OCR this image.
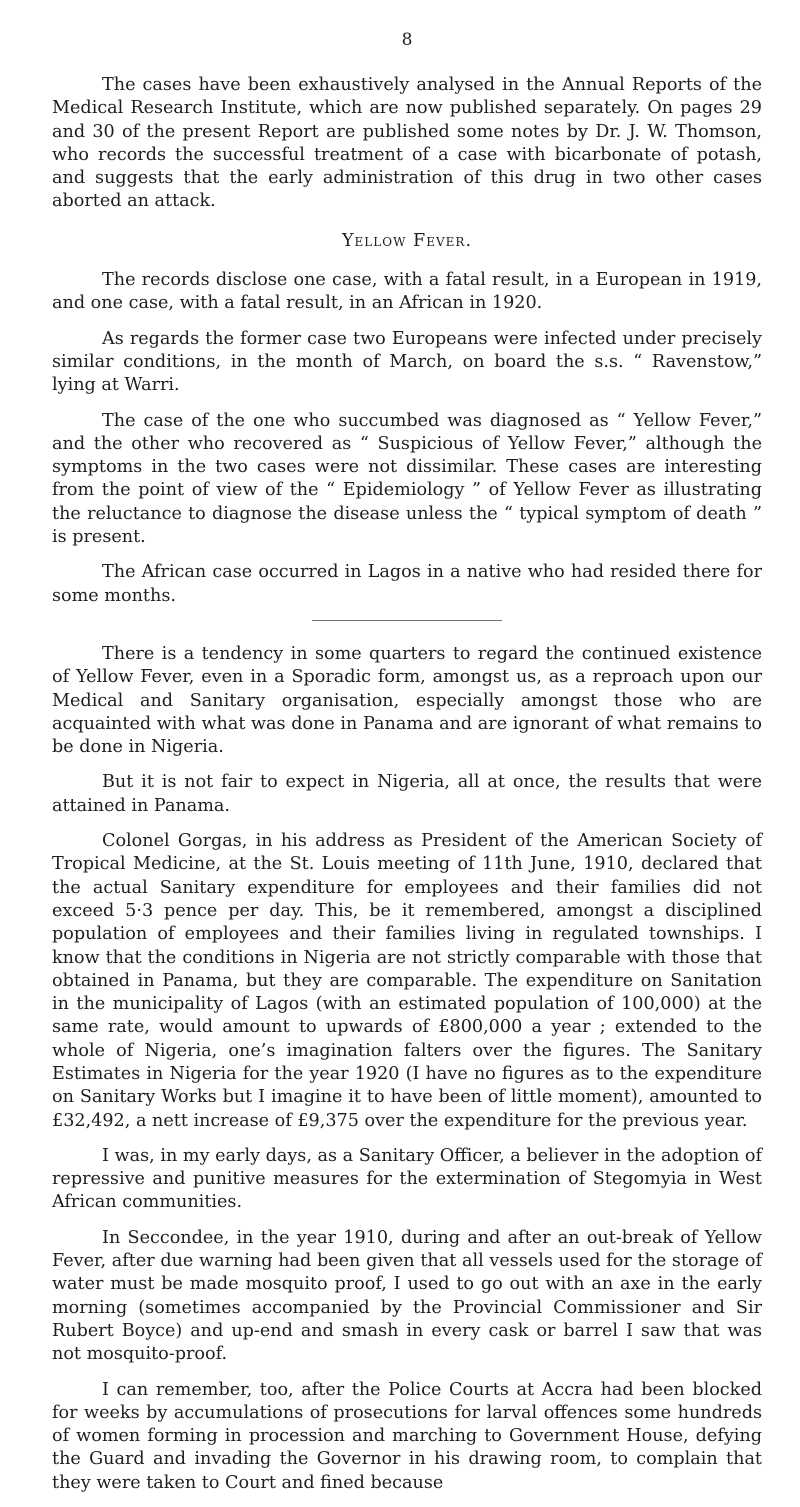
8

The cases have been exhaustively analysed in the Annual Reports of the Medical Research Institute, which are now published separately. On pages 29 and 30 of the present Report are published some notes by Dr. J. W. Thomson, who records the successful treatment of a case with bicarbonate of potash, and suggests that the early administration of this drug in two other cases aborted an attack.

Yellow Fever.

The records disclose one case, with a fatal result, in a European in 1919, and one case, with a fatal result, in an African in 1920.

As regards the former case two Europeans were infected under precisely similar conditions, in the month of March, on board the s.s. “ Ravenstow,” lying at Warri.

The case of the one who succumbed was diagnosed as “ Yellow Fever,” and the other who recovered as “ Suspicious of Yellow Fever,” although the symptoms in the two cases were not dissimilar. These cases are interesting from the point of view of the “ Epidemiology ” of Yellow Fever as illustrating the reluctance to diagnose the disease unless the “ typical symptom of death ” is present.

The African case occurred in Lagos in a native who had resided there for some months.

There is a tendency in some quarters to regard the continued existence of Yellow Fever, even in a Sporadic form, amongst us, as a reproach upon our Medical and Sanitary organisation, especially amongst those who are acquainted with what was done in Panama and are ignorant of what remains to be done in Nigeria.

But it is not fair to expect in Nigeria, all at once, the results that were attained in Panama.

Colonel Gorgas, in his address as President of the American Society of Tropical Medicine, at the St. Louis meeting of 11th June, 1910, declared that the actual Sanitary expenditure for employees and their families did not exceed 5·3 pence per day. This, be it remembered, amongst a disciplined population of employees and their families living in regulated townships. I know that the conditions in Nigeria are not strictly comparable with those that obtained in Panama, but they are comparable. The expenditure on Sanitation in the municipality of Lagos (with an estimated population of 100,000) at the same rate, would amount to upwards of £800,000 a year ; extended to the whole of Nigeria, one’s imagination falters over the figures. The Sanitary Estimates in Nigeria for the year 1920 (I have no figures as to the expenditure on Sanitary Works but I imagine it to have been of little moment), amounted to £32,492, a nett increase of £9,375 over the expenditure for the previous year.

I was, in my early days, as a Sanitary Officer, a believer in the adoption of repressive and punitive measures for the extermination of Stegomyia in West African communities.

In Seccondee, in the year 1910, during and after an out-break of Yellow Fever, after due warning had been given that all vessels used for the storage of water must be made mosquito proof, I used to go out with an axe in the early morning (sometimes accompanied by the Provincial Commissioner and Sir Rubert Boyce) and up-end and smash in every cask or barrel I saw that was not mosquito-proof.

I can remember, too, after the Police Courts at Accra had been blocked for weeks by accumulations of prosecutions for larval offences some hundreds of women forming in procession and marching to Government House, defying the Guard and invading the Governor in his drawing room, to complain that they were taken to Court and fined because
